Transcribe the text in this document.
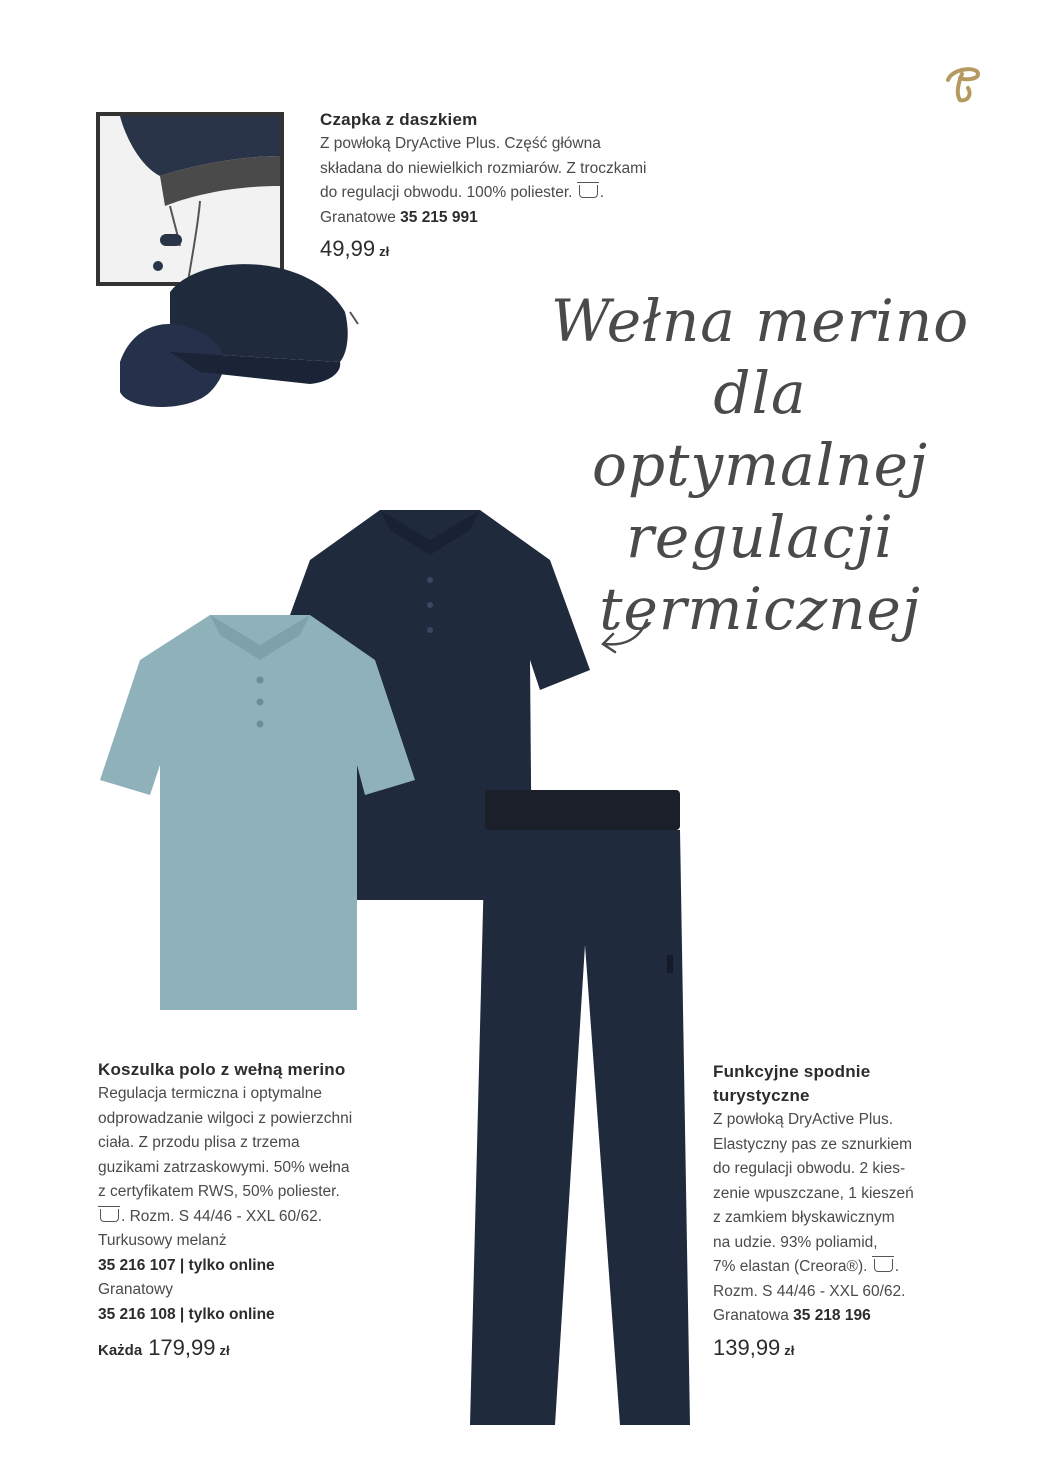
Czapka z daszkiem
Z powłoką DryActive Plus. Część główna
składana do niewielkich rozmiarów. Z troczkami
do regulacji obwodu. 100% poliester. .
Granatowe 35 215 991
49,99 zł
Wełna merino
dla optymalnej
regulacji
termicznej
Koszulka polo z wełną merino
Regulacja termiczna i optymalne
odprowadzanie wilgoci z powierzchni
ciała. Z przodu plisa z trzema
guzikami zatrzaskowymi. 50% wełna
z certyfikatem RWS, 50% poliester.
. Rozm. S 44/46 - XXL 60/62.
Turkusowy melanż
35 216 107 | tylko online
Granatowy
35 216 108 | tylko online
Każda 179,99 zł
Funkcyjne spodnie
turystyczne
Z powłoką DryActive Plus.
Elastyczny pas ze sznurkiem
do regulacji obwodu. 2 kies-
zenie wpuszczane, 1 kieszeń
z zamkiem błyskawicznym
na udzie. 93% poliamid,
7% elastan (Creora®). .
Rozm. S 44/46 - XXL 60/62.
Granatowa 35 218 196
139,99 zł
